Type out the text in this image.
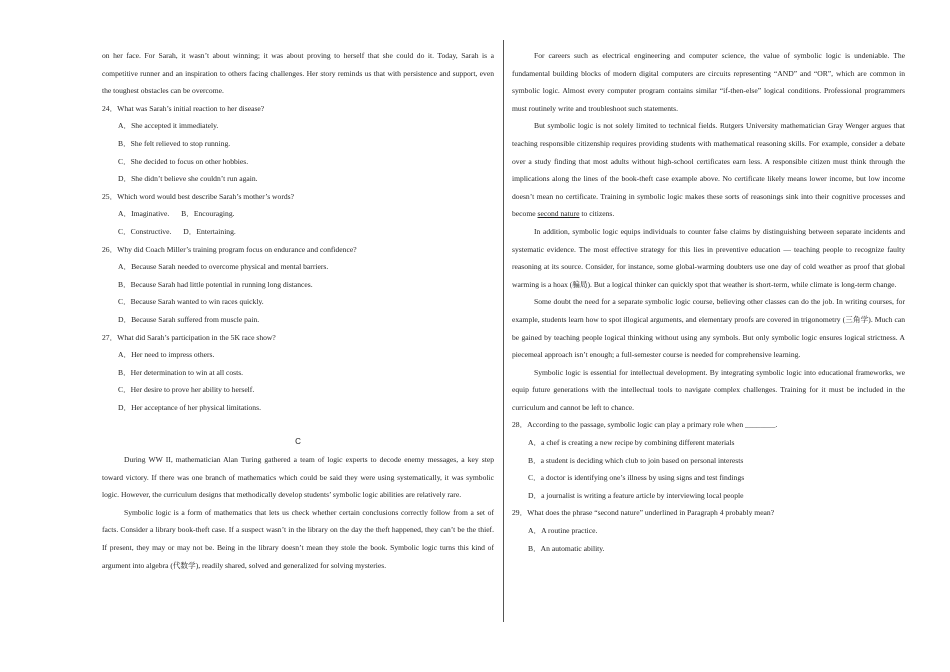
on her face. For Sarah, it wasn’t about winning; it was about proving to herself that she could do it. Today, Sarah is a competitive runner and an inspiration to others facing challenges. Her story reminds us that with persistence and support, even the toughest obstacles can be overcome.

24．What was Sarah’s initial reaction to her disease?

A．She accepted it immediately.

B．She felt relieved to stop running.

C．She decided to focus on other hobbies.

D．She didn’t believe she couldn’t run again.

25．Which word would best describe Sarah’s mother’s words?

A．Imaginative. B．Encouraging.

C．Constructive. D．Entertaining.

26．Why did Coach Miller’s training program focus on endurance and confidence?

A．Because Sarah needed to overcome physical and mental barriers.

B．Because Sarah had little potential in running long distances.

C．Because Sarah wanted to win races quickly.

D．Because Sarah suffered from muscle pain.

27．What did Sarah’s participation in the 5K race show?

A．Her need to impress others.

B．Her determination to win at all costs.

C．Her desire to prove her ability to herself.

D．Her acceptance of her physical limitations.

C

During WW II, mathematician Alan Turing gathered a team of logic experts to decode enemy messages, a key step toward victory. If there was one branch of mathematics which could be said they were using systematically, it was symbolic logic. However, the curriculum designs that methodically develop students’ symbolic logic abilities are relatively rare.

Symbolic logic is a form of mathematics that lets us check whether certain conclusions correctly follow from a set of facts. Consider a library book-theft case. If a suspect wasn’t in the library on the day the theft happened, they can’t be the thief. If present, they may or may not be. Being in the library doesn’t mean they stole the book. Symbolic logic turns this kind of argument into algebra (代数学), readily shared, solved and generalized for solving mysteries.

For careers such as electrical engineering and computer science, the value of symbolic logic is undeniable. The fundamental building blocks of modern digital computers are circuits representing “AND” and “OR”, which are common in symbolic logic. Almost every computer program contains similar “if-then-else” logical conditions. Professional programmers must routinely write and troubleshoot such statements.

But symbolic logic is not solely limited to technical fields. Rutgers University mathematician Gray Wenger argues that teaching responsible citizenship requires providing students with mathematical reasoning skills. For example, consider a debate over a study finding that most adults without high-school certificates earn less. A responsible citizen must think through the implications along the lines of the book-theft case example above. No certificate likely means lower income, but low income doesn’t mean no certificate. Training in symbolic logic makes these sorts of reasonings sink into their cognitive processes and become second nature to citizens.

In addition, symbolic logic equips individuals to counter false claims by distinguishing between separate incidents and systematic evidence. The most effective strategy for this lies in preventive education — teaching people to recognize faulty reasoning at its source. Consider, for instance, some global-warming doubters use one day of cold weather as proof that global warming is a hoax (骗局). But a logical thinker can quickly spot that weather is short-term, while climate is long-term change.

Some doubt the need for a separate symbolic logic course, believing other classes can do the job. In writing courses, for example, students learn how to spot illogical arguments, and elementary proofs are covered in trigonometry (三角学). Much can be gained by teaching people logical thinking without using any symbols. But only symbolic logic ensures logical strictness. A piecemeal approach isn’t enough; a full-semester course is needed for comprehensive learning.

Symbolic logic is essential for intellectual development. By integrating symbolic logic into educational frameworks, we equip future generations with the intellectual tools to navigate complex challenges. Training for it must be included in the curriculum and cannot be left to chance.

28．According to the passage, symbolic logic can play a primary role when ________.

A．a chef is creating a new recipe by combining different materials

B．a student is deciding which club to join based on personal interests

C．a doctor is identifying one’s illness by using signs and test findings

D．a journalist is writing a feature article by interviewing local people

29．What does the phrase “second nature” underlined in Paragraph 4 probably mean?

A．A routine practice.

B．An automatic ability.
